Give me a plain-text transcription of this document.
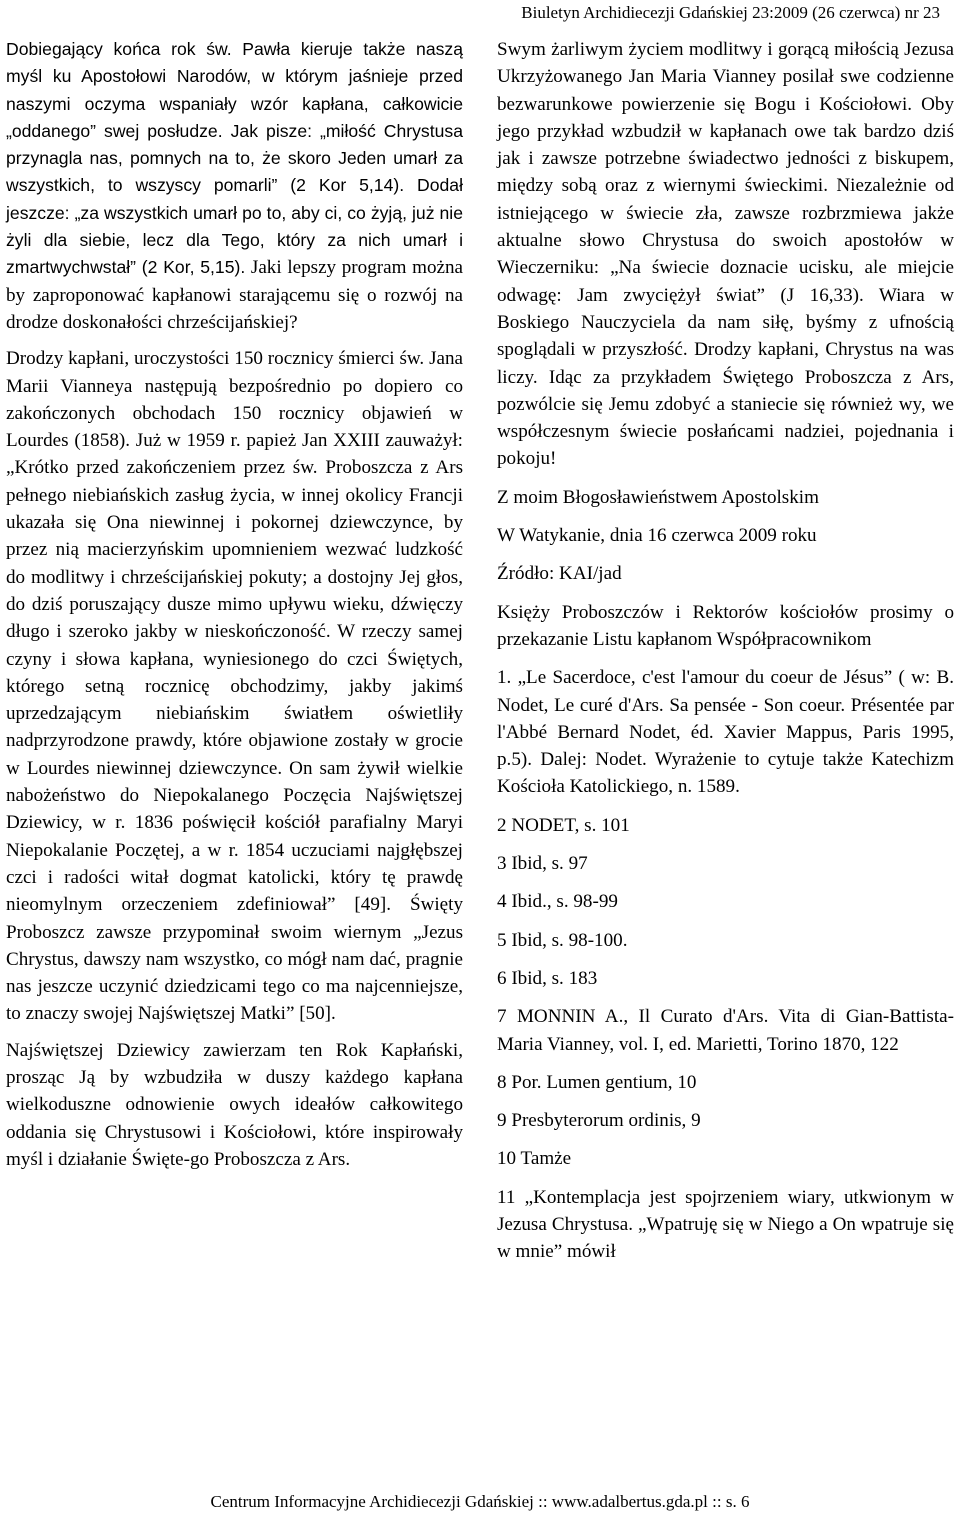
Biuletyn Archidiecezji Gdańskiej 23:2009 (26 czerwca) nr 23

Dobiegający końca rok św. Pawła kieruje także naszą myśl ku Apostołowi Narodów, w którym jaśnieje przed naszymi oczyma wspaniały wzór kapłana, całkowicie „oddanego” swej posłudze. Jak pisze: „miłość Chrystusa przynagla nas, pomnych na to, że skoro Jeden umarł za wszystkich, to wszyscy pomarli” (2 Kor 5,14). Dodał jeszcze: „za wszystkich umarł po to, aby ci, co żyją, już nie żyli dla siebie, lecz dla Tego, który za nich umarł i zmartwychwstał” (2 Kor, 5,15). Jaki lepszy program można by zaproponować kapłanowi starającemu się o rozwój na drodze doskonałości chrześcijańskiej?

Drodzy kapłani, uroczystości 150 rocznicy śmierci św. Jana Marii Vianneya następują bezpośrednio po dopiero co zakończonych obchodach 150 rocznicy objawień w Lourdes (1858). Już w 1959 r. papież Jan XXIII zauważył: „Krótko przed zakończeniem przez św. Proboszcza z Ars pełnego niebiańskich zasług życia, w innej okolicy Francji ukazała się Ona niewinnej i pokornej dziewczynce, by przez nią macierzyńskim upomnieniem wezwać ludzkość do modlitwy i chrześcijańskiej pokuty; a dostojny Jej głos, do dziś poruszający dusze mimo upływu wieku, dźwięczy długo i szeroko jakby w nieskończoność. W rzeczy samej czyny i słowa kapłana, wyniesionego do czci Świętych, którego setną rocznicę obchodzimy, jakby jakimś uprzedzającym niebiańskim światłem oświetliły nadprzyrodzone prawdy, które objawione zostały w grocie w Lourdes niewinnej dziewczynce. On sam żywił wielkie nabożeństwo do Niepokalanego Poczęcia Najświętszej Dziewicy, w r. 1836 poświęcił kościół parafialny Maryi Niepokalanie Poczętej, a w r. 1854 uczuciami najgłębszej czci i radości witał dogmat katolicki, który tę prawdę nieomylnym orzeczeniem zdefiniował” [49]. Święty Proboszcz zawsze przypominał swoim wiernym „Jezus Chrystus, dawszy nam wszystko, co mógł nam dać, pragnie nas jeszcze uczynić dziedzicami tego co ma najcenniejsze, to znaczy swojej Najświętszej Matki” [50].

Najświętszej Dziewicy zawierzam ten Rok Kapłański, prosząc Ją by wzbudziła w duszy każdego kapłana wielkoduszne odnowienie owych ideałów całkowitego oddania się Chrystusowi i Kościołowi, które inspirowały myśl i działanie Święte-go Proboszcza z Ars.

Swym żarliwym życiem modlitwy i gorącą miłością Jezusa Ukrzyżowanego Jan Maria Vianney posilał swe codzienne bezwarunkowe powierzenie się Bogu i Kościołowi. Oby jego przykład wzbudził w kapłanach owe tak bardzo dziś jak i zawsze potrzebne świadectwo jedności z biskupem, między sobą oraz z wiernymi świeckimi. Niezależnie od istniejącego w świecie zła, zawsze rozbrzmiewa jakże aktualne słowo Chrystusa do swoich apostołów w Wieczerniku: „Na świecie doznacie ucisku, ale miejcie odwagę: Jam zwyciężył świat” (J 16,33). Wiara w Boskiego Nauczyciela da nam siłę, byśmy z ufnością spoglądali w przyszłość. Drodzy kapłani, Chrystus na was liczy. Idąc za przykładem Świętego Proboszcza z Ars, pozwólcie się Jemu zdobyć a staniecie się również wy, we współczesnym świecie posłańcami nadziei, pojednania i pokoju!

Z moim Błogosławieństwem Apostolskim

W Watykanie, dnia 16 czerwca 2009 roku

Źródło: KAI/jad

Księży Proboszczów i Rektorów kościołów prosimy o przekazanie Listu kapłanom Współpracownikom

1. „Le Sacerdoce, c'est l'amour du coeur de Jésus” ( w: B. Nodet, Le curé d'Ars. Sa pensée - Son coeur. Présentée par l'Abbé Bernard Nodet, éd. Xavier Mappus, Paris 1995, p.5). Dalej: Nodet. Wyrażenie to cytuje także Katechizm Kościoła Katolickiego, n. 1589.

2 NODET, s. 101

3 Ibid, s. 97

4 Ibid., s. 98-99

5 Ibid, s. 98-100.

6 Ibid, s. 183

7 MONNIN A., Il Curato d'Ars. Vita di Gian-Battista-Maria Vianney, vol. I, ed. Marietti, Torino 1870, 122

8 Por. Lumen gentium, 10

9 Presbyterorum ordinis, 9

10 Tamże

11 „Kontemplacja jest spojrzeniem wiary, utkwionym w Jezusa Chrystusa. „Wpatruję się w Niego a On wpatruje się w mnie” mówił

Centrum Informacyjne Archidiecezji Gdańskiej :: www.adalbertus.gda.pl :: s. 6
